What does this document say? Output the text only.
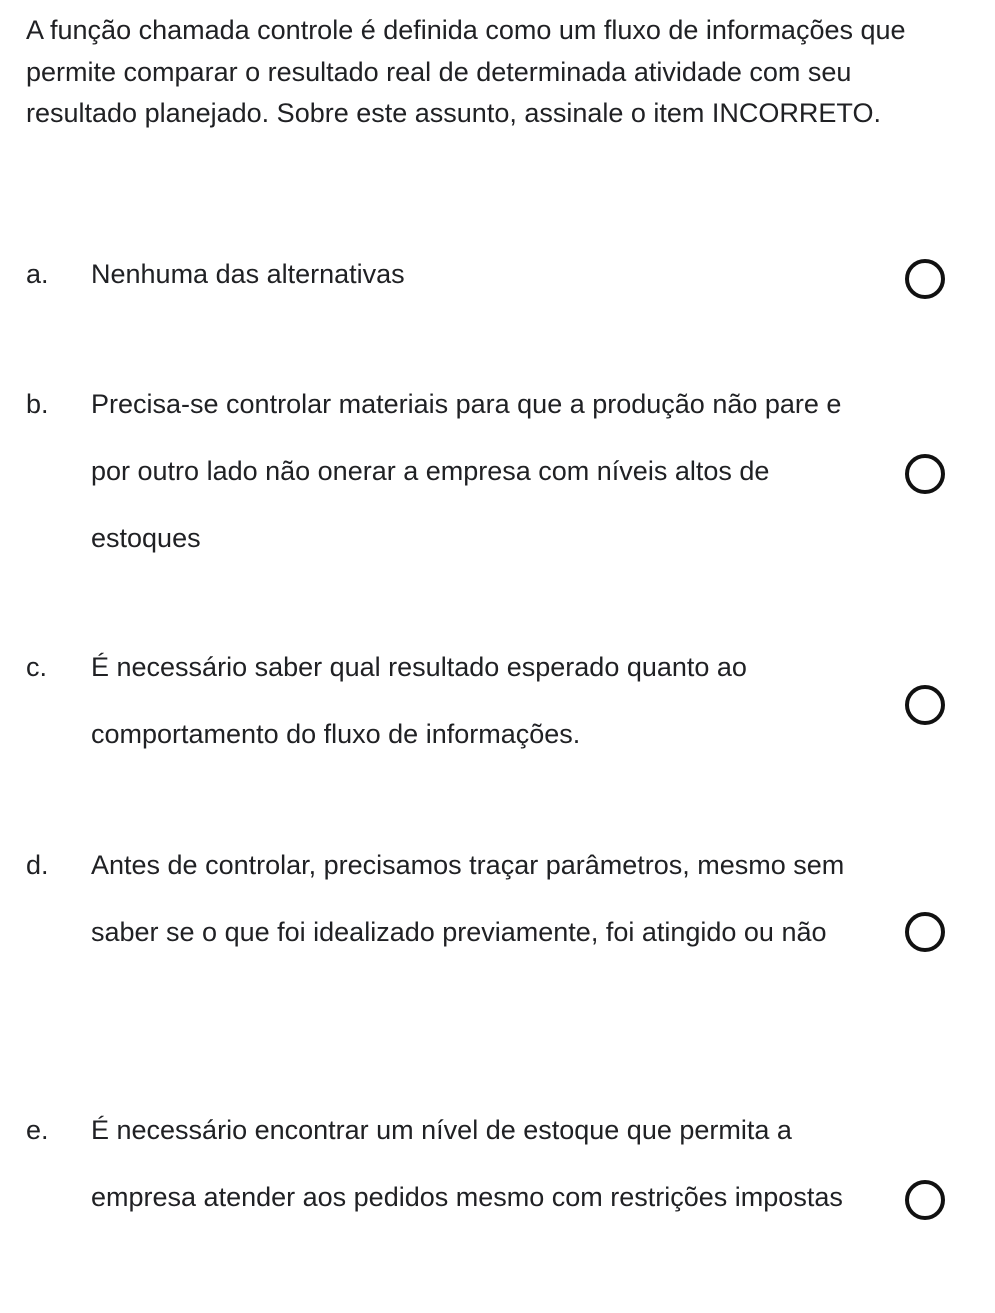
A função chamada controle é definida como um fluxo de informações que permite comparar o resultado real de determinada atividade com seu resultado planejado. Sobre este assunto, assinale o item INCORRETO.

a. Nenhuma das alternativas
b. Precisa-se controlar materiais para que a produção não pare e por outro lado não onerar a empresa com níveis altos de estoques
c. É necessário saber qual resultado esperado quanto ao comportamento do fluxo de informações.
d. Antes de controlar, precisamos traçar parâmetros, mesmo sem saber se o que foi idealizado previamente, foi atingido ou não
e. É necessário encontrar um nível de estoque que permita a empresa atender aos pedidos mesmo com restrições impostas
